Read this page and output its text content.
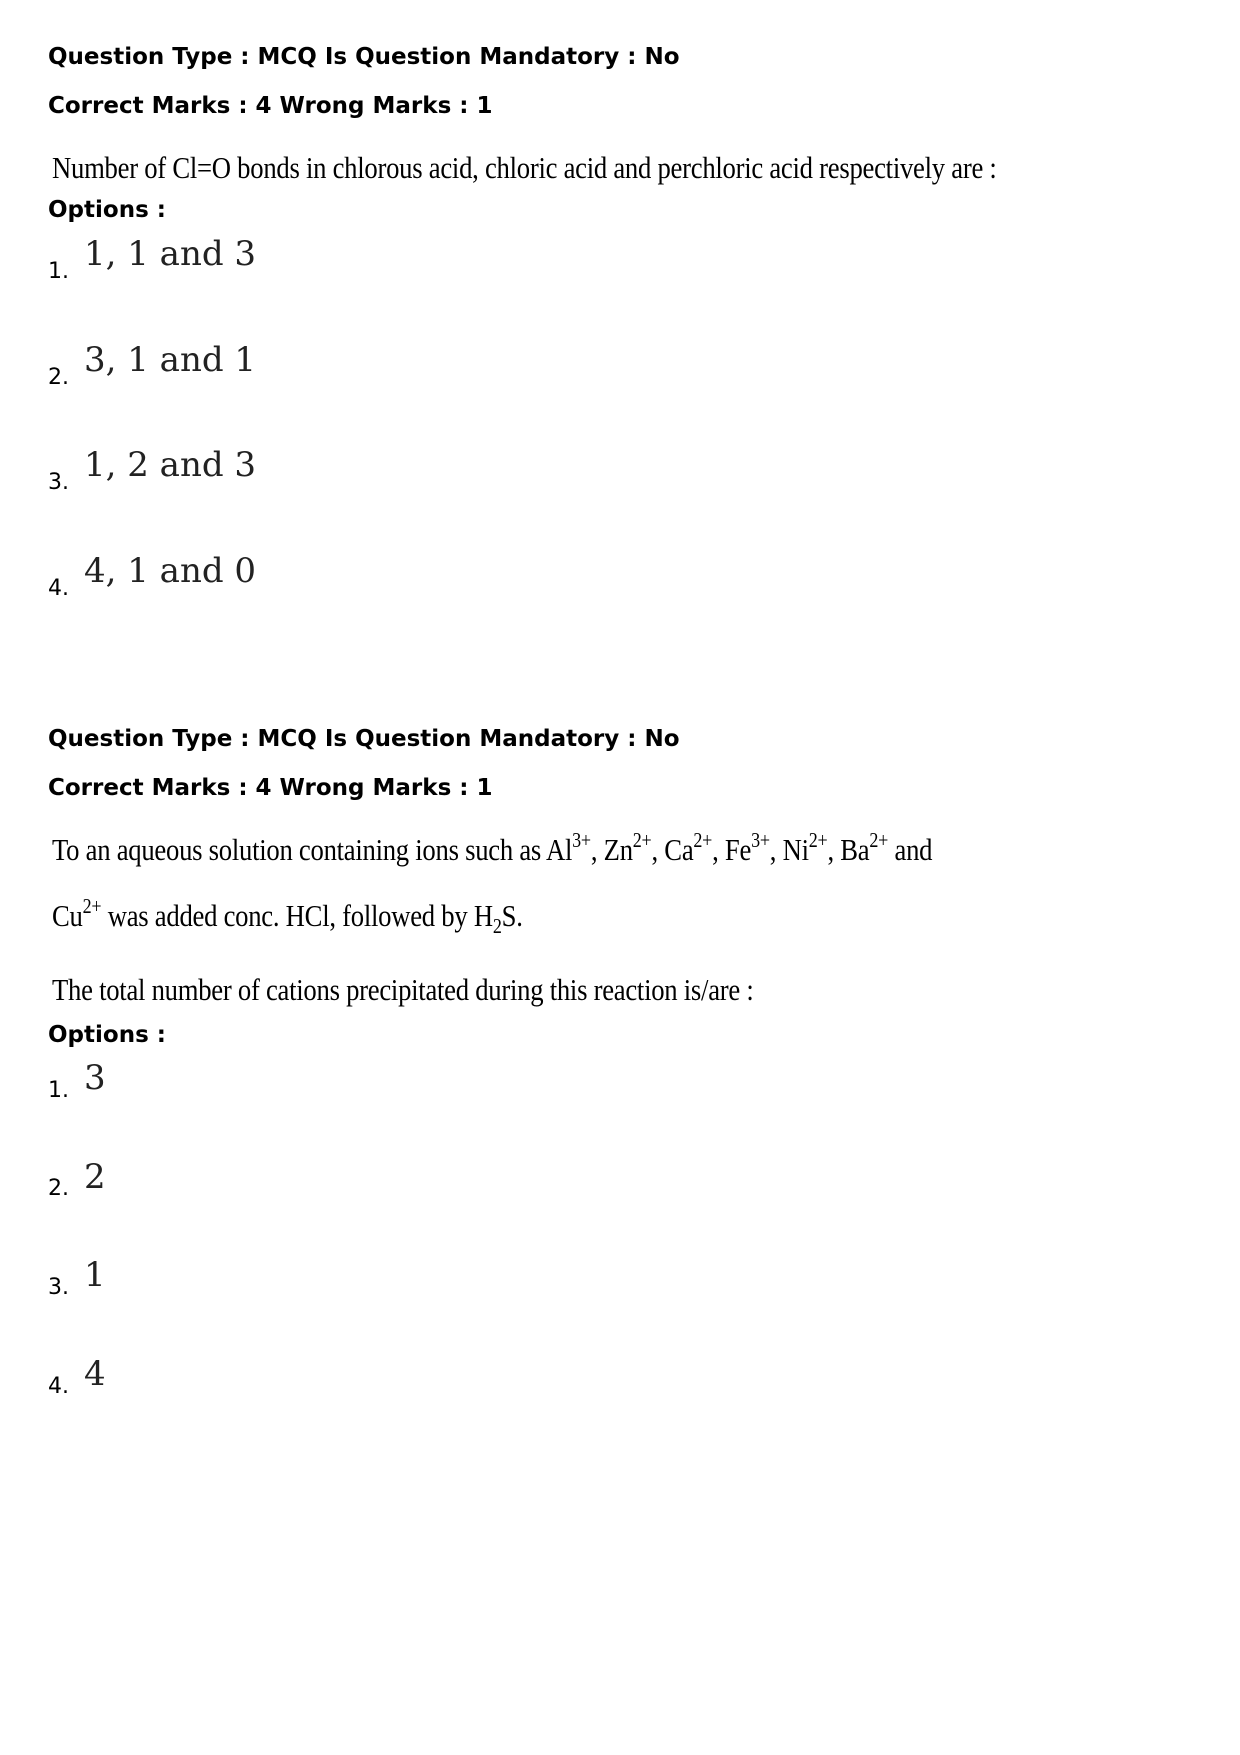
Question Type : MCQ Is Question Mandatory : No
Correct Marks : 4 Wrong Marks : 1
Number of Cl=O bonds in chlorous acid, chloric acid and perchloric acid respectively are :
Options :
1. 1, 1 and 3
2. 3, 1 and 1
3. 1, 2 and 3
4. 4, 1 and 0
Question Type : MCQ Is Question Mandatory : No
Correct Marks : 4 Wrong Marks : 1
To an aqueous solution containing ions such as $Al^{3+}$, $Zn^{2+}$, $Ca^{2+}$, $Fe^{3+}$, $Ni^{2+}$, $Ba^{2+}$ and
$Cu^{2+}$ was added conc. HCl, followed by $H_2S$.
The total number of cations precipitated during this reaction is/are :
Options :
1. 3
2. 2
3. 1
4. 4
